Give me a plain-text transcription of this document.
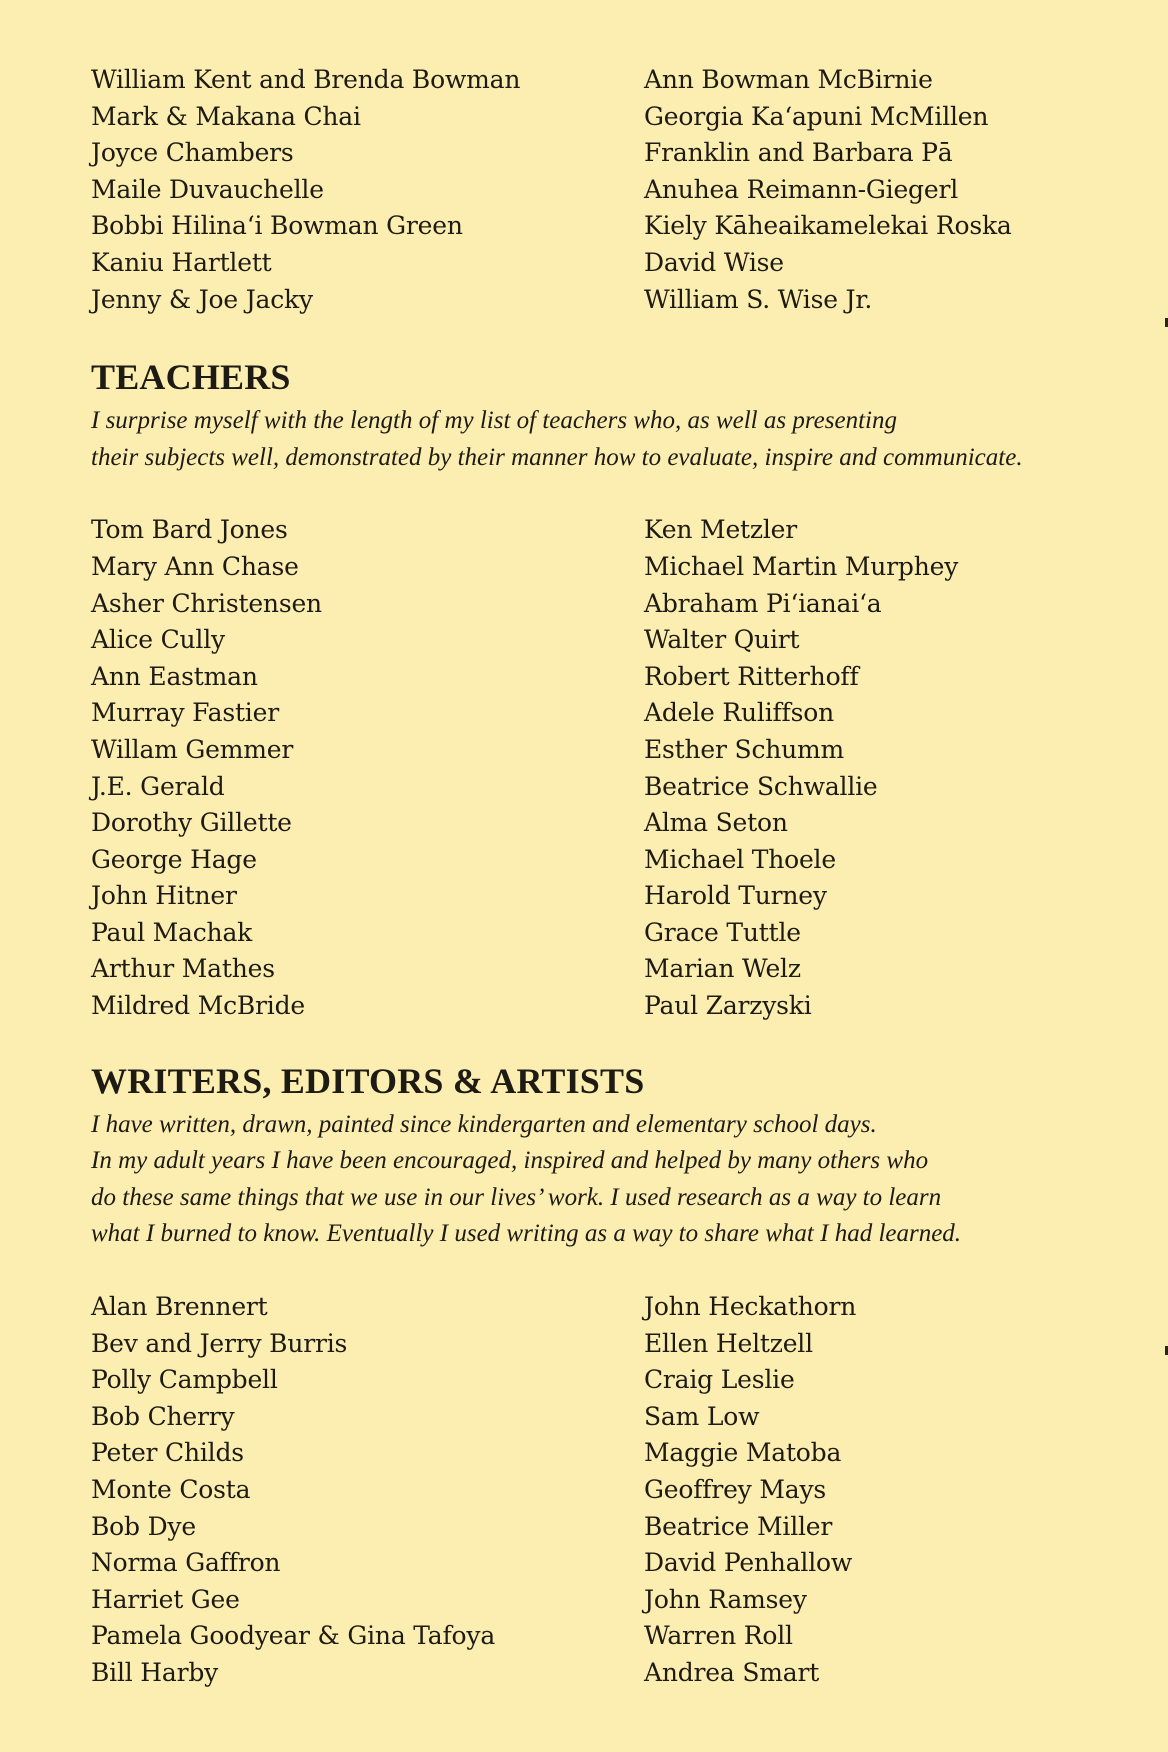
William Kent and Brenda Bowman
Mark & Makana Chai
Joyce Chambers
Maile Duvauchelle
Bobbi Hilina‘i Bowman Green
Kaniu Hartlett
Jenny & Joe Jacky
Ann Bowman McBirnie
Georgia Ka‘apuni McMillen
Franklin and Barbara Pā
Anuhea Reimann-Giegerl
Kiely Kāheaikamelekai Roska
David Wise
William S. Wise Jr.
TEACHERS

I surprise myself with the length of my list of teachers who, as well as presenting
their subjects well, demonstrated by their manner how to evaluate, inspire and communicate.

Tom Bard Jones
Mary Ann Chase
Asher Christensen
Alice Cully
Ann Eastman
Murray Fastier
Willam Gemmer
J.E. Gerald
Dorothy Gillette
George Hage
John Hitner
Paul Machak
Arthur Mathes
Mildred McBride
Ken Metzler
Michael Martin Murphey
Abraham Pi‘ianai‘a
Walter Quirt
Robert Ritterhoff
Adele Ruliffson
Esther Schumm
Beatrice Schwallie
Alma Seton
Michael Thoele
Harold Turney
Grace Tuttle
Marian Welz
Paul Zarzyski
WRITERS, EDITORS & ARTISTS

I have written, drawn, painted since kindergarten and elementary school days.
In my adult years I have been encouraged, inspired and helped by many others who
do these same things that we use in our lives’ work. I used research as a way to learn
what I burned to know. Eventually I used writing as a way to share what I had learned.

Alan Brennert
Bev and Jerry Burris
Polly Campbell
Bob Cherry
Peter Childs
Monte Costa
Bob Dye
Norma Gaffron
Harriet Gee
Pamela Goodyear & Gina Tafoya
Bill Harby
John Heckathorn
Ellen Heltzell
Craig Leslie
Sam Low
Maggie Matoba
Geoffrey Mays
Beatrice Miller
David Penhallow
John Ramsey
Warren Roll
Andrea Smart
